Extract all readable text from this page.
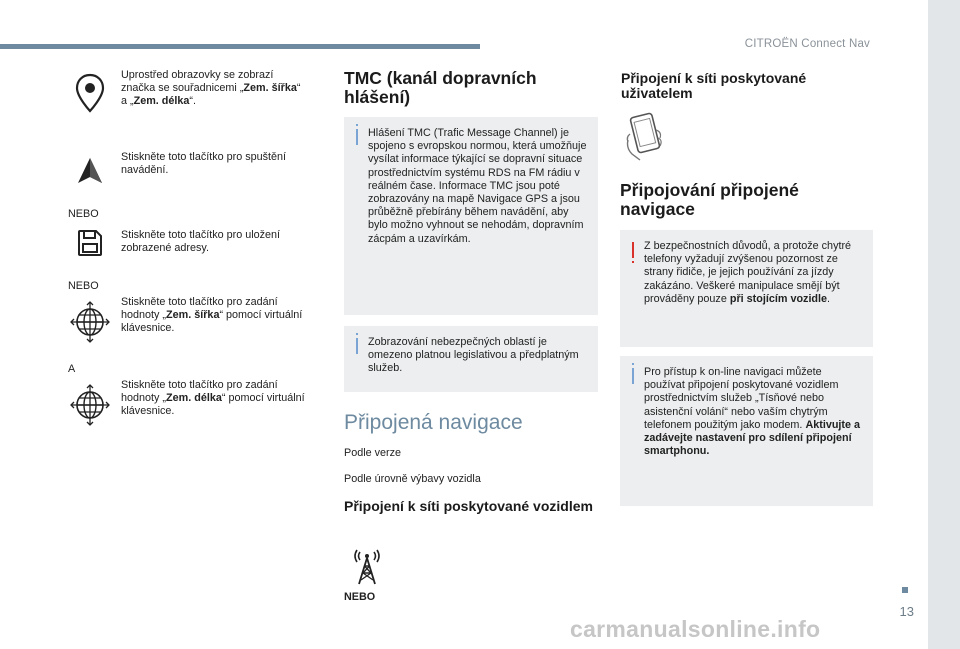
CITROËN Connect Nav
13
Uprostřed obrazovky se zobrazí značka se souřadnicemi „Zem. šířka“ a „Zem. délka“.
Stiskněte toto tlačítko pro spuštění navádění.
NEBO
Stiskněte toto tlačítko pro uložení zobrazené adresy.
NEBO
Stiskněte toto tlačítko pro zadání hodnoty „Zem. šířka“ pomocí virtuální klávesnice.
A
Stiskněte toto tlačítko pro zadání hodnoty „Zem. délka“ pomocí virtuální klávesnice.
TMC (kanál dopravních hlášení)
Hlášení TMC (Trafic Message Channel) je spojeno s evropskou normou, která umožňuje vysílat informace týkající se dopravní situace prostřednictvím systému RDS na FM rádiu v reálném čase. Informace TMC jsou poté zobrazovány na mapě Navigace GPS a jsou průběžně přebírány během navádění, aby bylo možno vyhnout se nehodám, dopravním zácpám a uzavírkám.
Zobrazování nebezpečných oblastí je omezeno platnou legislativou a předplatným služeb.
Připojená navigace
Podle verze
Podle úrovně výbavy vozidla
Připojení k síti poskytované vozidlem
NEBO
Připojení k síti poskytované uživatelem
Připojování připojené navigace
Z bezpečnostních důvodů, a protože chytré telefony vyžadují zvýšenou pozornost ze strany řidiče, je jejich používání za jízdy zakázáno. Veškeré manipulace smějí být prováděny pouze při stojícím vozidle.
Pro přístup k on-line navigaci můžete používat připojení poskytované vozidlem prostřednictvím služeb „Tísňové nebo asistenční volání“ nebo vaším chytrým telefonem použitým jako modem. Aktivujte a zadávejte nastavení pro sdílení připojení smartphonu.
carmanualsonline.info
